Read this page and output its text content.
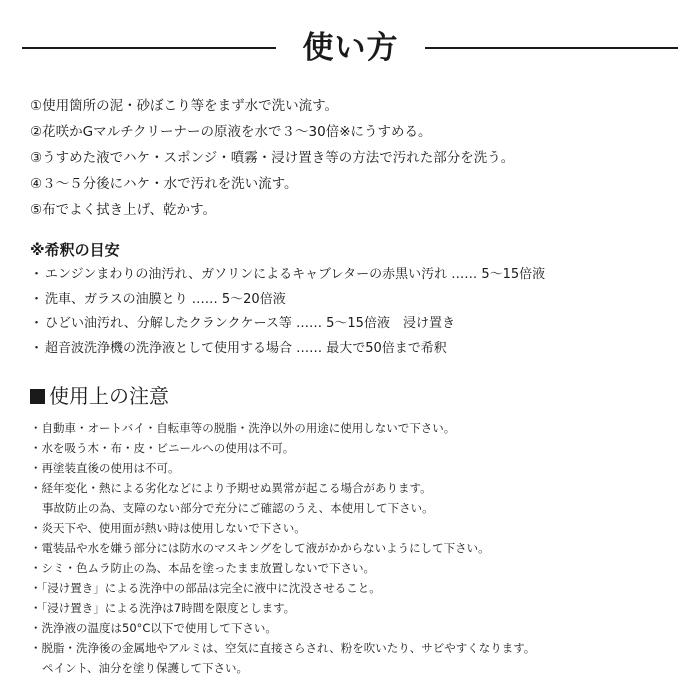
使い方
①使用箇所の泥・砂ぼこり等をまず水で洗い流す。
②花咲かGマルチクリーナーの原液を水で３〜30倍※にうすめる。
③うすめた液でハケ・スポンジ・噴霧・浸け置き等の方法で汚れた部分を洗う。
④３〜５分後にハケ・水で汚れを洗い流す。
⑤布でよく拭き上げ、乾かす。
※希釈の目安
・ エンジンまわりの油汚れ、ガソリンによるキャブレターの赤黒い汚れ …… 5〜15倍液
・ 洗車、ガラスの油膜とり …… 5〜20倍液
・ ひどい油汚れ、分解したクランクケース等 …… 5〜15倍液　浸け置き
・ 超音波洗浄機の洗浄液として使用する場合 …… 最大で50倍まで希釈
使用上の注意
・自動車・オートバイ・自転車等の脱脂・洗浄以外の用途に使用しないで下さい。
・水を吸う木・布・皮・ビニールへの使用は不可。
・再塗装直後の使用は不可。
・経年変化・熱による劣化などにより予期せぬ異常が起こる場合があります。
事故防止の為、支障のない部分で充分にご確認のうえ、本使用して下さい。
・炎天下や、使用面が熱い時は使用しないで下さい。
・電装品や水を嫌う部分には防水のマスキングをして液がかからないようにして下さい。
・シミ・色ムラ防止の為、本品を塗ったまま放置しないで下さい。
・「浸け置き」による洗浄中の部品は完全に液中に沈没させること。
・「浸け置き」による洗浄は7時間を限度とします。
・洗浄液の温度は50°C以下で使用して下さい。
・脱脂・洗浄後の金属地やアルミは、空気に直接さらされ、粉を吹いたり、サビやすくなります。
ペイント、油分を塗り保護して下さい。
